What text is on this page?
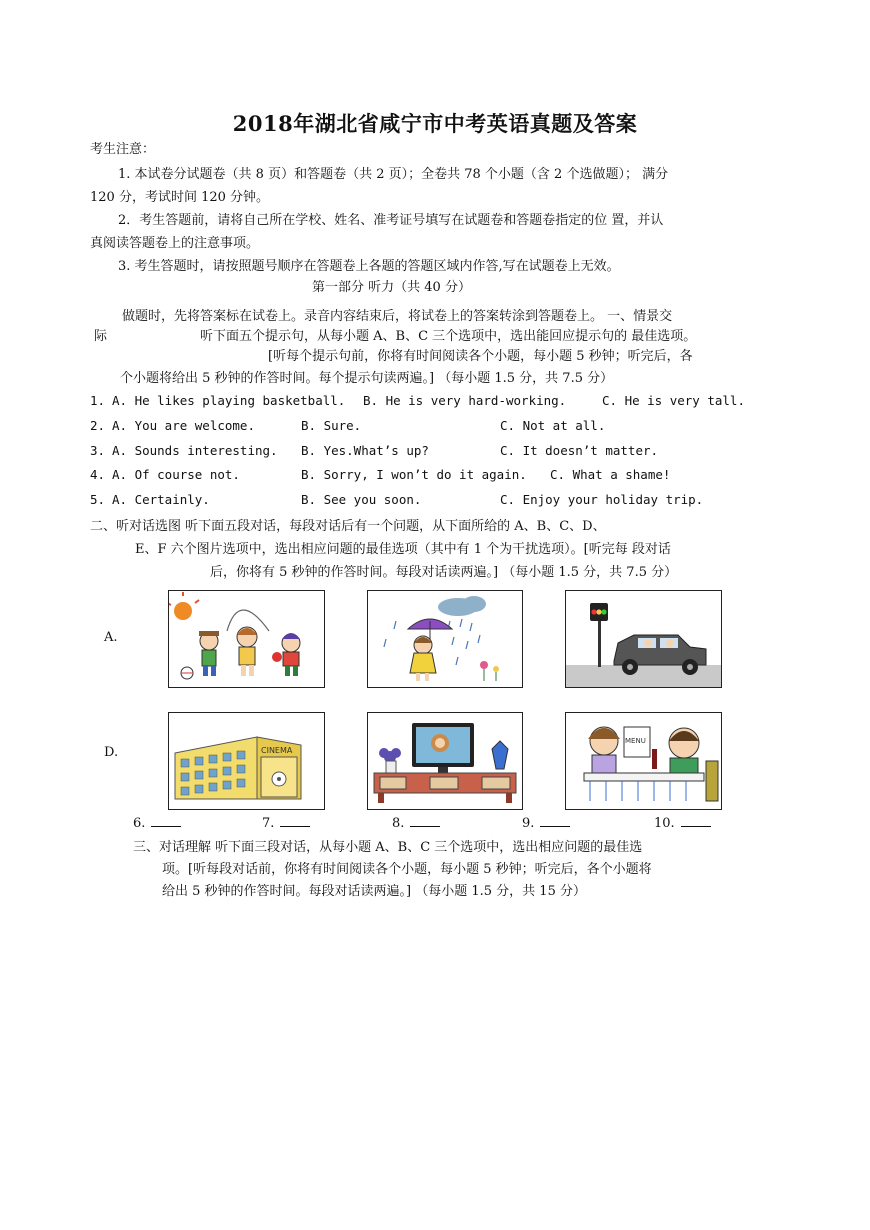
2018年湖北省咸宁市中考英语真题及答案
考生注意：
1. 本试卷分试题卷（共 8 页）和答题卷（共 2 页）；全卷共 78 个小题（含 2 个选做题）； 满分
120 分，考试时间 120 分钟。
2．考生答题前，请将自己所在学校、姓名、准考证号填写在试题卷和答题卷指定的位 置，并认
真阅读答题卷上的注意事项。
3. 考生答题时，请按照题号顺序在答题卷上各题的答题区域内作答,写在试题卷上无效。
第一部分 听力（共 40 分）
做题时，先将答案标在试卷上。录音内容结束后，将试卷上的答案转涂到答题卷上。 一、情景交
际	听下面五个提示句，从每小题 A、B、C 三个选项中，选出能回应提示句的 最佳选项。
[听每个提示句前，你将有时间阅读各个小题，每小题 5 秒钟；听完后，各
个小题将给出 5 秒钟的作答时间。每个提示句读两遍。] （每小题 1.5 分，共 7.5 分）
1. A. He likes playing basketball. B. He is very hard-working.	C. He is very tall.
2. A. You are welcome.	B. Sure.	C. Not at all.
3. A. Sounds interesting. B. Yes.What’s up?	C. It doesn’t matter.
4. A. Of course not.	B. Sorry, I won’t do it again. C. What a shame!
5. A. Certainly.	B. See you soon.	C. Enjoy your holiday trip.
二、听对话选图 听下面五段对话，每段对话后有一个问题，从下面所给的 A、B、C、D、
E、F 六个图片选项中，选出相应问题的最佳选项（其中有 1 个为干扰选项）。[听完每 段对话
后，你将有 5 秒钟的作答时间。每段对话读两遍。] （每小题 1.5 分，共 7.5 分）
A.
D.	CINEMA
MENU
6.	7.	8.	9.	10.
三、对话理解 听下面三段对话，从每小题 A、B、C 三个选项中，选出相应问题的最佳选
项。[听每段对话前，你将有时间阅读各个小题，每小题 5 秒钟；听完后，各个小题将
给出 5 秒钟的作答时间。每段对话读两遍。] （每小题 1.5 分，共 15 分）
